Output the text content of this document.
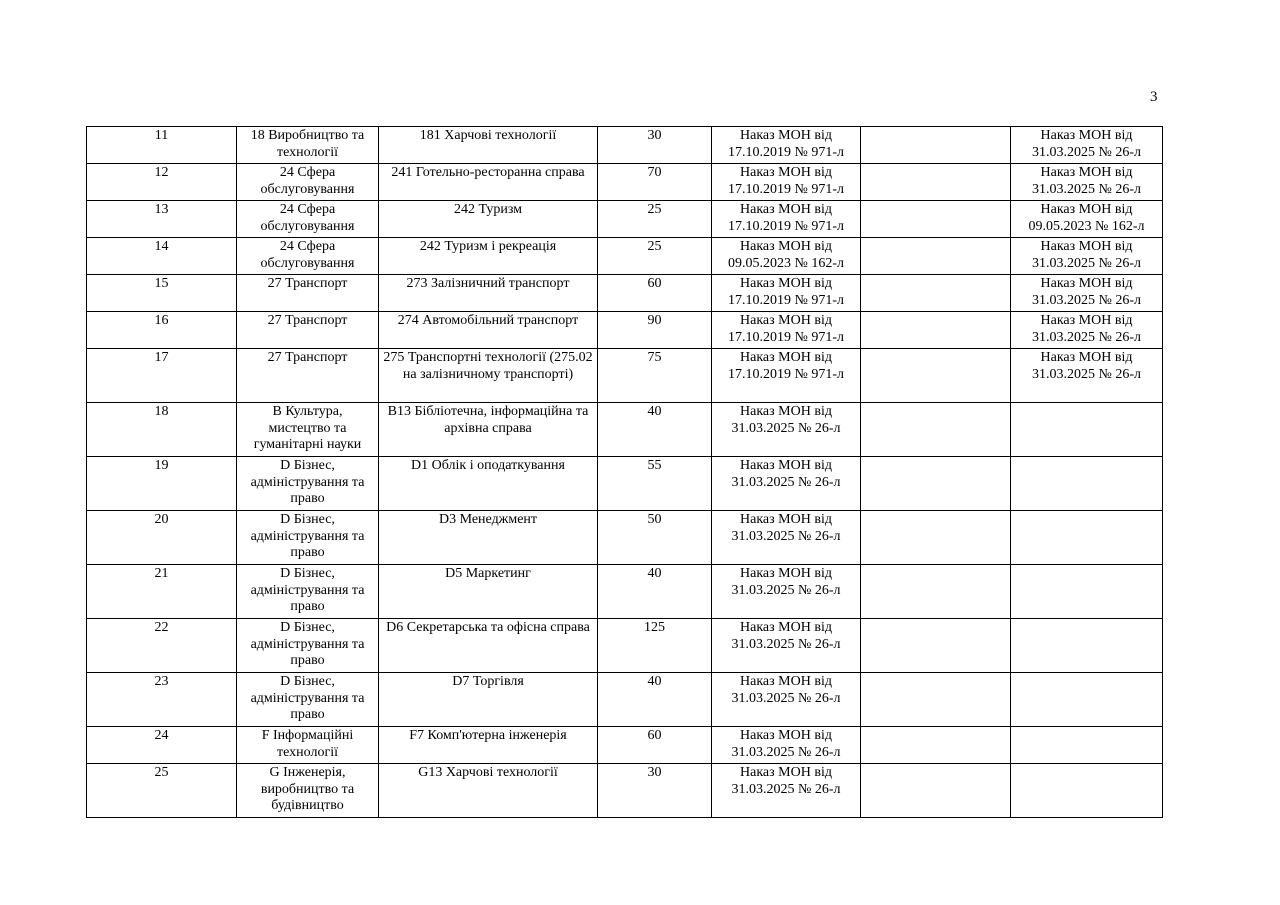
3
11	18 Виробництво та технології	181 Харчові технології	30	Наказ МОН від 17.10.2019 № 971-л		Наказ МОН від 31.03.2025 № 26-л
12	24 Сфера обслуговування	241 Готельно-ресторанна справа	70	Наказ МОН від 17.10.2019 № 971-л		Наказ МОН від 31.03.2025 № 26-л
13	24 Сфера обслуговування	242 Туризм	25	Наказ МОН від 17.10.2019 № 971-л		Наказ МОН від 09.05.2023 № 162-л
14	24 Сфера обслуговування	242 Туризм і рекреація	25	Наказ МОН від 09.05.2023 № 162-л		Наказ МОН від 31.03.2025 № 26-л
15	27 Транспорт	273 Залізничний транспорт	60	Наказ МОН від 17.10.2019 № 971-л		Наказ МОН від 31.03.2025 № 26-л
16	27 Транспорт	274 Автомобільний транспорт	90	Наказ МОН від 17.10.2019 № 971-л		Наказ МОН від 31.03.2025 № 26-л
17	27 Транспорт	275 Транспортні технології (275.02 на залізничному транспорті)	75	Наказ МОН від 17.10.2019 № 971-л		Наказ МОН від 31.03.2025 № 26-л
18	B Культура, мистецтво та гуманітарні науки	B13 Бібліотечна, інформаційна та архівна справа	40	Наказ МОН від 31.03.2025 № 26-л		
19	D Бізнес, адміністрування та право	D1 Облік і оподаткування	55	Наказ МОН від 31.03.2025 № 26-л		
20	D Бізнес, адміністрування та право	D3 Менеджмент	50	Наказ МОН від 31.03.2025 № 26-л		
21	D Бізнес, адміністрування та право	D5 Маркетинг	40	Наказ МОН від 31.03.2025 № 26-л		
22	D Бізнес, адміністрування та право	D6 Секретарська та офісна справа	125	Наказ МОН від 31.03.2025 № 26-л		
23	D Бізнес, адміністрування та право	D7 Торгівля	40	Наказ МОН від 31.03.2025 № 26-л		
24	F Інформаційні технології	F7 Комп'ютерна інженерія	60	Наказ МОН від 31.03.2025 № 26-л		
25	G Інженерія, виробництво та будівництво	G13 Харчові технології	30	Наказ МОН від 31.03.2025 № 26-л		
